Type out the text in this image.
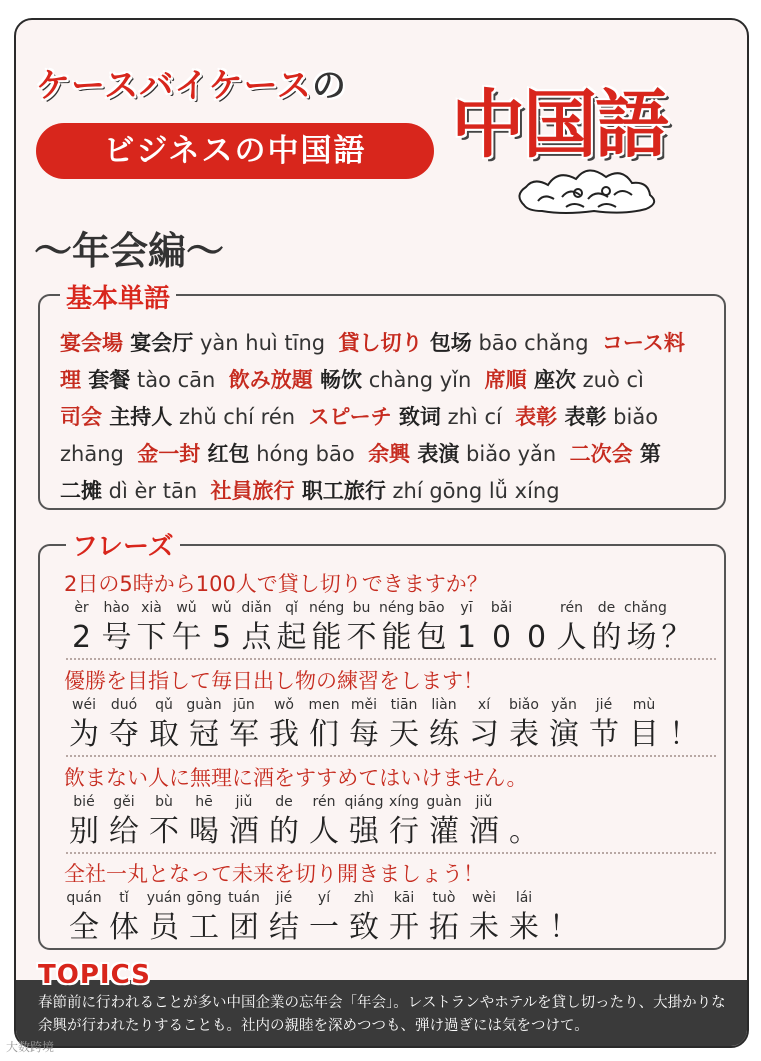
ケースバイケースの
ビジネスの中国語	中国語
～年会編～
基本単語
宴会場 宴会厅 yàn huì tīng  貸し切り 包场 bāo chǎng  コース料
理 套餐 tào cān  飲み放題 畅饮 chàng yǐn  席順 座次 zuò cì
司会 主持人 zhǔ chí rén  スピーチ 致词 zhì cí  表彰 表彰 biǎo
zhāng  金一封 红包 hóng bāo  余興 表演 biǎo yǎn  二次会 第
二摊 dì èr tān  社員旅行 职工旅行 zhí gōng lǚ xíng
フレーズ
2日の5時から100人で貸し切りできますか？
èr	hào xià	wǔ	wǔ diǎn qǐ néng bu néng bāo	yī	bǎi	rén	de chǎng
2 号 下 午 5 点 起 能 不 能 包 1 0 0 人 的 场 ？
優勝を目指して毎日出し物の練習をします！
wéi	duó	qǔ guàn jūn	wǒ	men měi tiān liàn	xí	biǎo yǎn	jié	mù
为 夺 取 冠 军 我 们 每 天 练 习 表 演 节 目 ！
飲まない人に無理に酒をすすめてはいけません。
bié	gěi	bù	hē	jiǔ	de	rén qiáng xíng guàn	jiǔ
别 给 不 喝 酒 的 人 强 行 灌 酒 。
全社一丸となって未来を切り開きましょう！
quán	tǐ	yuán gōng tuán	jié	yí	zhì	kāi	tuò	wèi	lái
全 体 员 工 团 结 一 致 开 拓 未 来 ！
TOPICS
春節前に行われることが多い中国企業の忘年会「年会」。レストランやホテルを貸し切ったり、大掛かりな余興が行われたりすることも。社内の親睦を深めつつも、弾け過ぎには気をつけて。
大数跨境
